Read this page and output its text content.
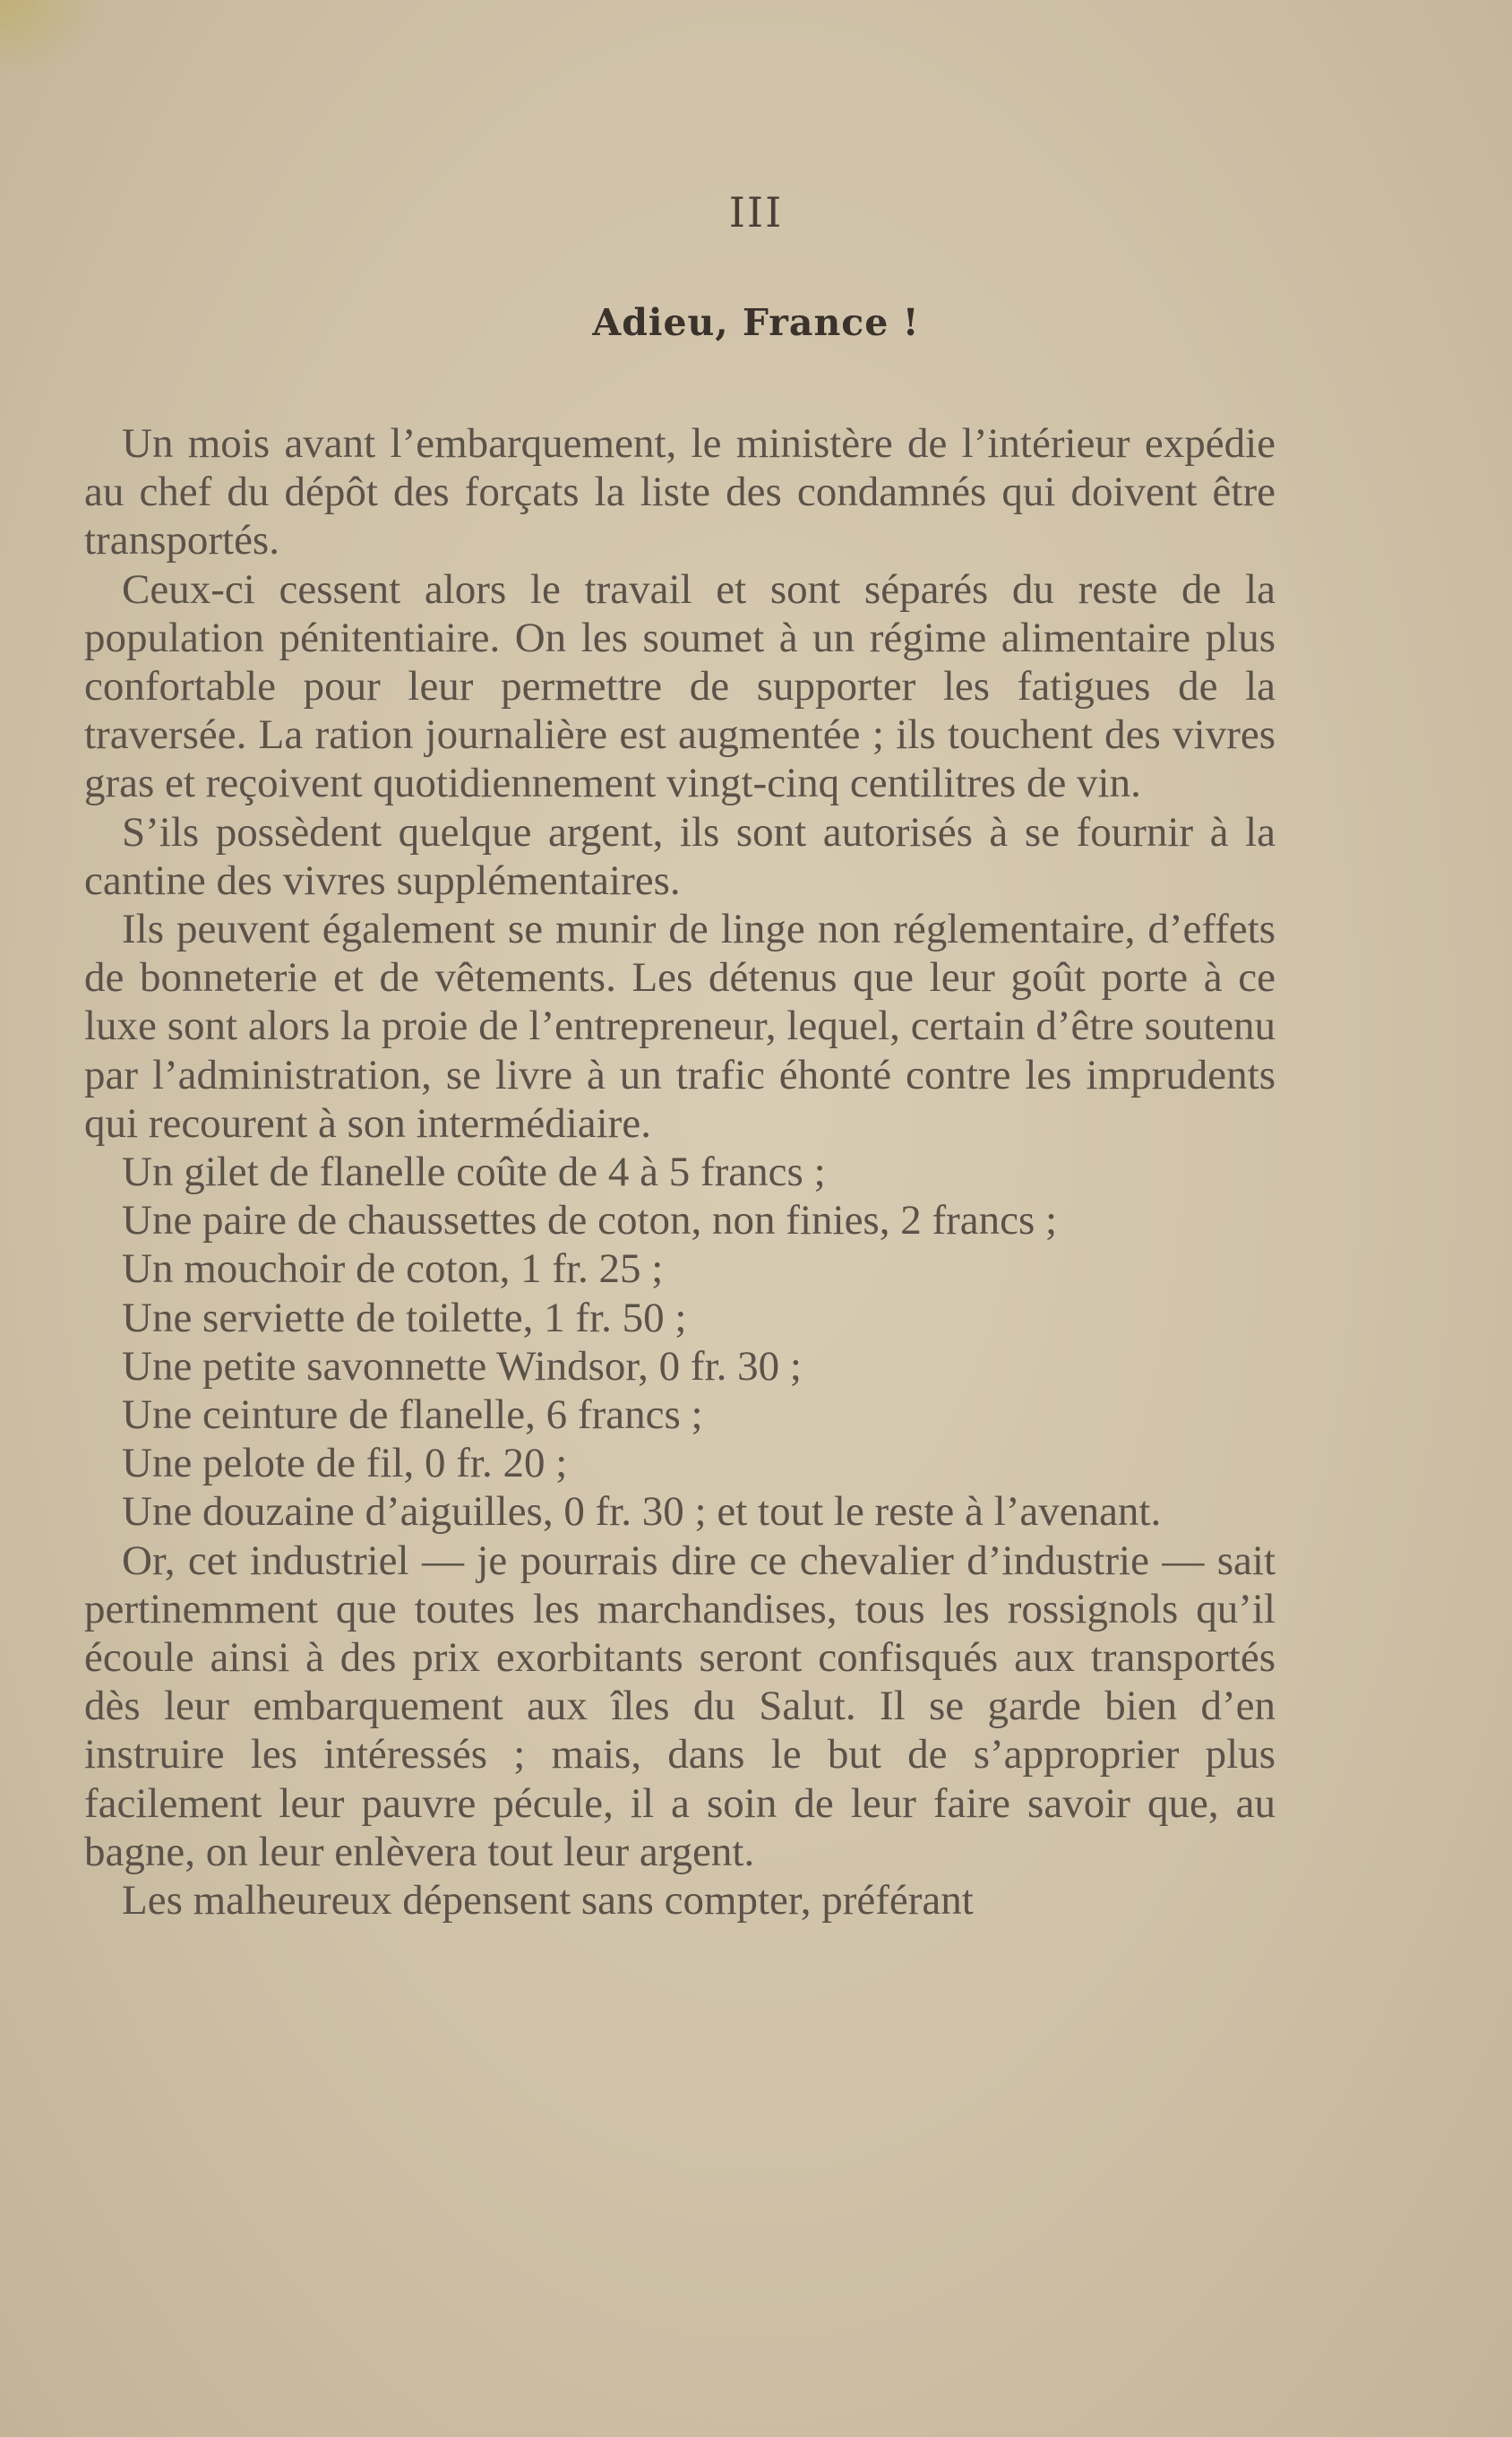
III
Adieu, France !

Un mois avant l’embarquement, le ministère de l’intérieur expédie au chef du dépôt des forçats la liste des condamnés qui doivent être transportés.

Ceux-ci cessent alors le travail et sont séparés du reste de la population pénitentiaire. On les soumet à un régime alimentaire plus confortable pour leur permettre de supporter les fatigues de la traversée. La ration journalière est augmentée ; ils touchent des vivres gras et reçoivent quotidiennement vingt-cinq centilitres de vin.

S’ils possèdent quelque argent, ils sont autorisés à se fournir à la cantine des vivres supplémentaires.

Ils peuvent également se munir de linge non réglementaire, d’effets de bonneterie et de vêtements. Les détenus que leur goût porte à ce luxe sont alors la proie de l’entrepreneur, lequel, certain d’être soutenu par l’administration, se livre à un trafic éhonté contre les imprudents qui recourent à son intermédiaire.

Un gilet de flanelle coûte de 4 à 5 francs ;

Une paire de chaussettes de coton, non finies, 2 francs ;

Un mouchoir de coton, 1 fr. 25 ;

Une serviette de toilette, 1 fr. 50 ;

Une petite savonnette Windsor, 0 fr. 30 ;

Une ceinture de flanelle, 6 francs ;

Une pelote de fil, 0 fr. 20 ;

Une douzaine d’aiguilles, 0 fr. 30 ; et tout le reste à l’avenant.

Or, cet industriel — je pourrais dire ce chevalier d’industrie — sait pertinemment que toutes les marchandises, tous les rossignols qu’il écoule ainsi à des prix exorbitants seront confisqués aux transportés dès leur embarquement aux îles du Salut. Il se garde bien d’en instruire les intéressés ; mais, dans le but de s’approprier plus facilement leur pauvre pécule, il a soin de leur faire savoir que, au bagne, on leur enlèvera tout leur argent.

Les malheureux dépensent sans compter, préférant
